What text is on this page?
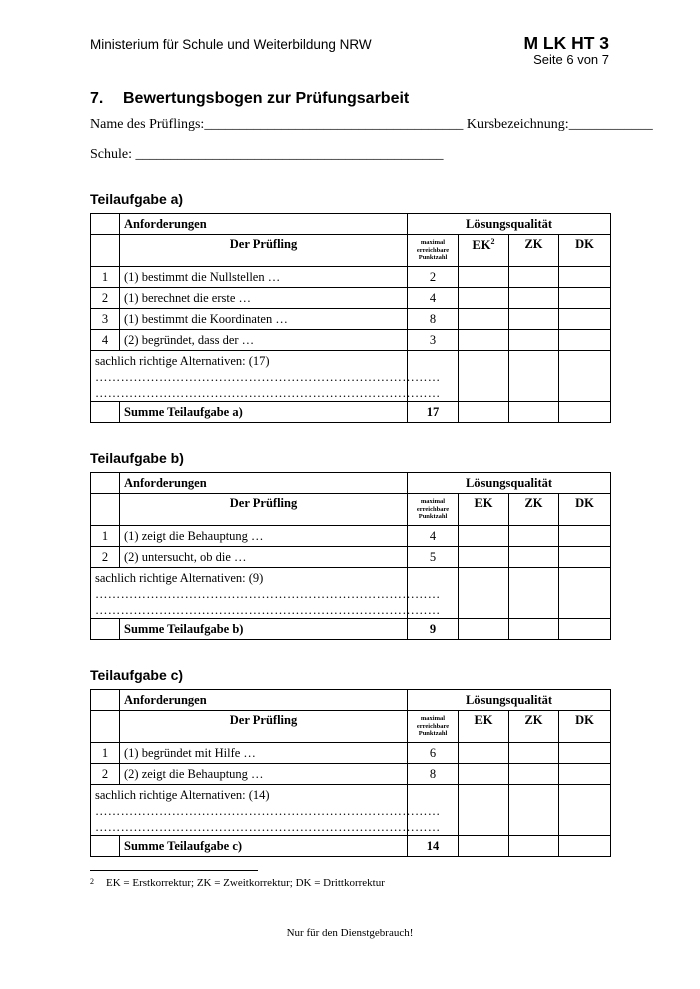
Ministerium für Schule und Weiterbildung NRW	M LK HT 3
Seite 6 von 7
7. Bewertungsbogen zur Prüfungsarbeit
Name des Prüflings:_____________________________________ Kursbezeichnung:____________
Schule: ____________________________________________
Teilaufgabe a)
	Anforderungen	Lösungsqualität			
	Der Prüfling	maximal
erreichbare
Punktzahl	$EK^2$	ZK	DK
1	(1) bestimmt die Nullstellen …	2			
2	(1) berechnet die erste …	4			
3	(1) bestimmt die Koordinaten …	8			
4	(2) begründet, dass der …	3			

sachlich richtige Alternativen: (17)
………………………………………………………………………
………………………………………………………………………					

	Summe Teilaufgabe a)	17			
Teilaufgabe b)
	Anforderungen	Lösungsqualität			
	Der Prüfling	maximal
erreichbare
Punktzahl	EK	ZK	DK
1	(1) zeigt die Behauptung …	4			
2	(2) untersucht, ob die …	5			

sachlich richtige Alternativen: (9)
………………………………………………………………………
………………………………………………………………………					

	Summe Teilaufgabe b)	9			
Teilaufgabe c)
	Anforderungen	Lösungsqualität			
	Der Prüfling	maximal
erreichbare
Punktzahl	EK	ZK	DK
1	(1) begründet mit Hilfe …	6			
2	(2) zeigt die Behauptung …	8			

sachlich richtige Alternativen: (14)
………………………………………………………………………
………………………………………………………………………					

	Summe Teilaufgabe c)	14			
$^2$ EK = Erstkorrektur; ZK = Zweitkorrektur; DK = Drittkorrektur
Nur für den Dienstgebrauch!
